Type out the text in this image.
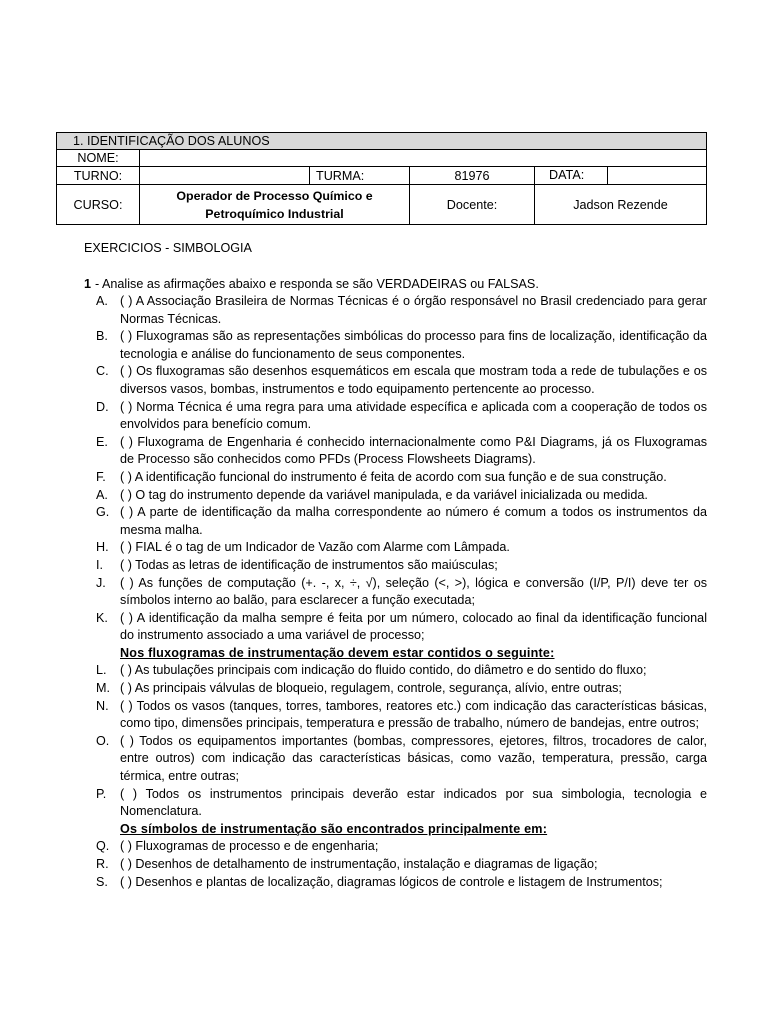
1. IDENTIFICAÇÃO DOS ALUNOS				
NOME:				
TURNO:		TURMA:	81976	DATA:
CURSO:	Operador de Processo Químico e Petroquímico Industrial		Docente:	Jadson Rezende

EXERCICIOS - SIMBOLOGIA

1 - Analise as afirmações abaixo e responda se são VERDADEIRAS ou FALSAS.

A. ( ) A Associação Brasileira de Normas Técnicas é o órgão responsável no Brasil credenciado para gerar Normas Técnicas.
B. ( ) Fluxogramas são as representações simbólicas do processo para fins de localização, identificação da tecnologia e análise do funcionamento de seus componentes.
C. ( ) Os fluxogramas são desenhos esquemáticos em escala que mostram toda a rede de tubulações e os diversos vasos, bombas, instrumentos e todo equipamento pertencente ao processo.
D. ( ) Norma Técnica é uma regra para uma atividade específica e aplicada com a cooperação de todos os envolvidos para benefício comum.
E. ( ) Fluxograma de Engenharia é conhecido internacionalmente como P&I Diagrams, já os Fluxogramas de Processo são conhecidos como PFDs (Process Flowsheets Diagrams).
F.	( ) A identificação funcional do instrumento é feita de acordo com sua função e de sua construção.
A. ( ) O tag do instrumento depende da variável manipulada, e da variável inicializada ou medida.
G. ( ) A parte de identificação da malha correspondente ao número é comum a todos os instrumentos da mesma malha.
H. ( ) FIAL é o tag de um Indicador de Vazão com Alarme com Lâmpada.
I.	( ) Todas as letras de identificação de instrumentos são maiúsculas;
J.	( ) As funções de computação (+. -, x, ÷, √), seleção (<, >), lógica e conversão (I/P, P/I) deve ter os símbolos interno ao balão, para esclarecer a função executada;
K. ( ) A identificação da malha sempre é feita por um número, colocado ao final da identificação funcional do instrumento associado a uma variável de processo;
Nos fluxogramas de instrumentação devem estar contidos o seguinte:
L.	( ) As tubulações principais com indicação do fluido contido, do diâmetro e do sentido do fluxo;
M. ( ) As principais válvulas de bloqueio, regulagem, controle, segurança, alívio, entre outras;
N. ( ) Todos os vasos (tanques, torres, tambores, reatores etc.) com indicação das características básicas, como tipo, dimensões principais, temperatura e pressão de trabalho, número de bandejas, entre outros;
O. ( ) Todos os equipamentos importantes (bombas, compressores, ejetores, filtros, trocadores de calor, entre outros) com indicação das características básicas, como vazão, temperatura, pressão, carga térmica, entre outras;
P.	( ) Todos os instrumentos principais deverão estar indicados por sua simbologia, tecnologia e Nomenclatura.
Os símbolos de instrumentação são encontrados principalmente em:
Q. ( ) Fluxogramas de processo e de engenharia;
R. ( ) Desenhos de detalhamento de instrumentação, instalação e diagramas de ligação;
S. ( ) Desenhos e plantas de localização, diagramas lógicos de controle e listagem de Instrumentos;
